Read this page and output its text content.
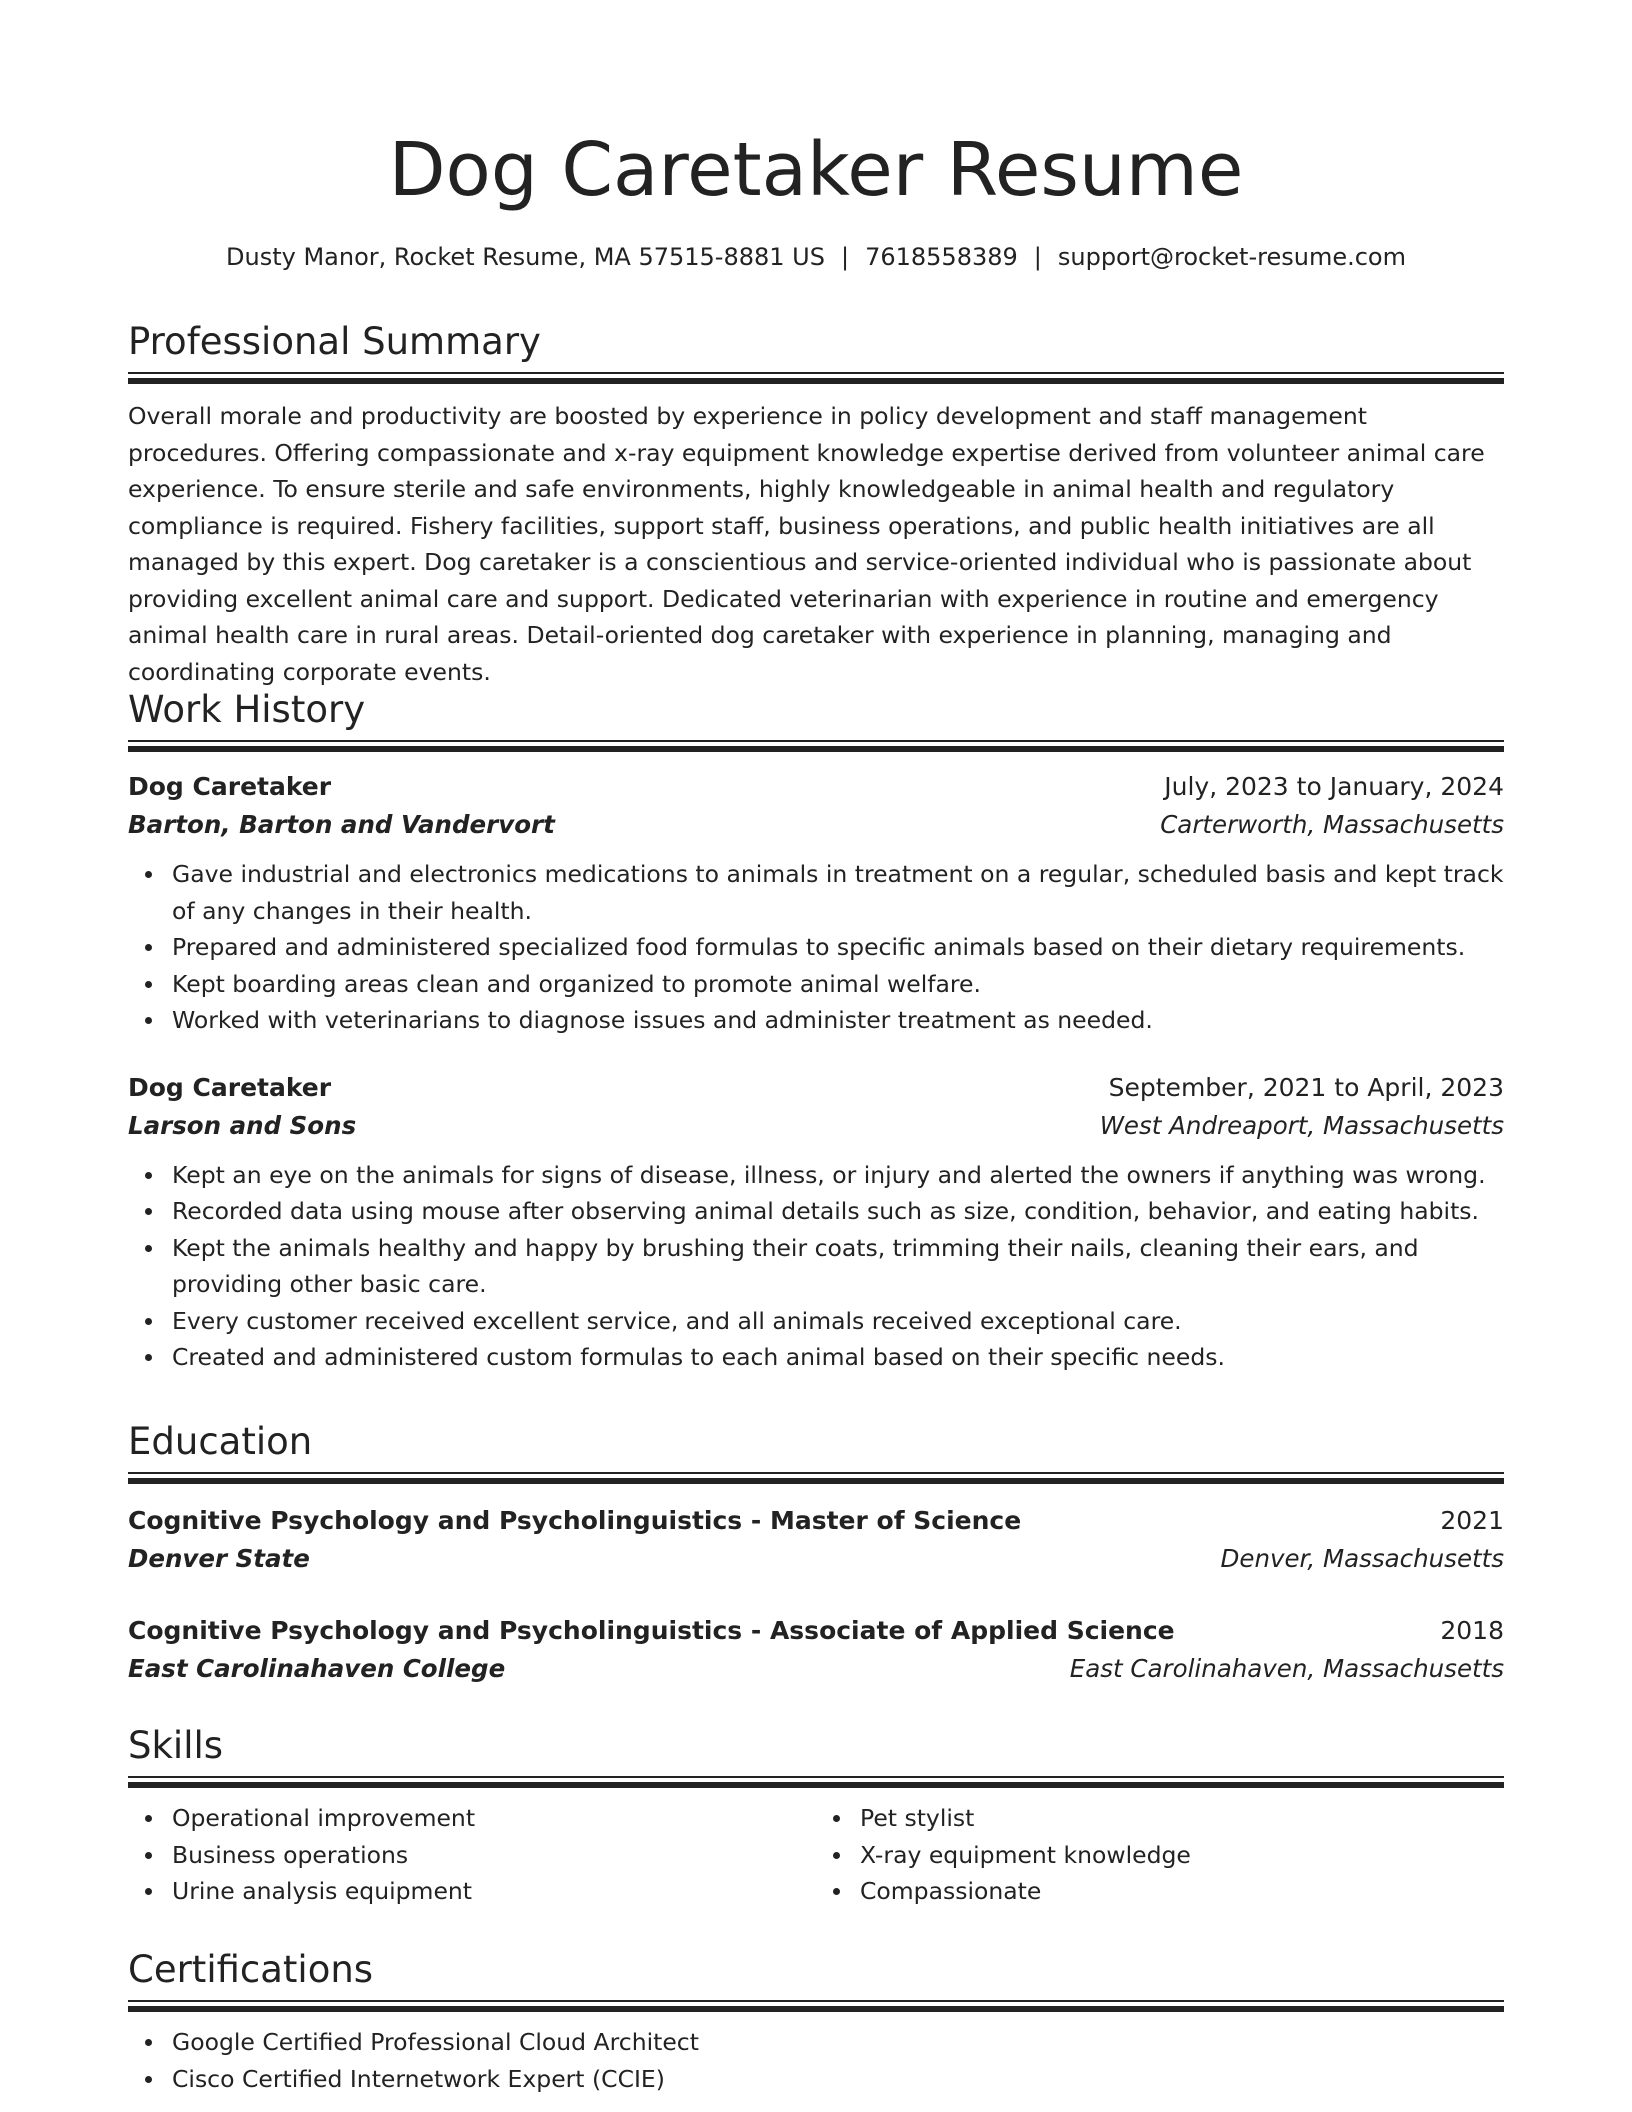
Dog Caretaker Resume
Dusty Manor, Rocket Resume, MA 57515-8881 US | 7618558389 | support@rocket-resume.com
Professional Summary
Overall morale and productivity are boosted by experience in policy development and staff management procedures. Offering compassionate and x-ray equipment knowledge expertise derived from volunteer animal care experience. To ensure sterile and safe environments, highly knowledgeable in animal health and regulatory compliance is required. Fishery facilities, support staff, business operations, and public health initiatives are all managed by this expert. Dog caretaker is a conscientious and service-oriented individual who is passionate about providing excellent animal care and support. Dedicated veterinarian with experience in routine and emergency animal health care in rural areas. Detail-oriented dog caretaker with experience in planning, managing and coordinating corporate events.
Work History
Dog Caretaker	July, 2023 to January, 2024
Barton, Barton and Vandervort	Carterworth, Massachusetts
Gave industrial and electronics medications to animals in treatment on a regular, scheduled basis and kept track of any changes in their health.
Prepared and administered specialized food formulas to specific animals based on their dietary requirements.
Kept boarding areas clean and organized to promote animal welfare.
Worked with veterinarians to diagnose issues and administer treatment as needed.
Dog Caretaker	September, 2021 to April, 2023
Larson and Sons	West Andreaport, Massachusetts
Kept an eye on the animals for signs of disease, illness, or injury and alerted the owners if anything was wrong.
Recorded data using mouse after observing animal details such as size, condition, behavior, and eating habits.
Kept the animals healthy and happy by brushing their coats, trimming their nails, cleaning their ears, and providing other basic care.
Every customer received excellent service, and all animals received exceptional care.
Created and administered custom formulas to each animal based on their specific needs.
Education
Cognitive Psychology and Psycholinguistics - Master of Science	2021
Denver State	Denver, Massachusetts
Cognitive Psychology and Psycholinguistics - Associate of Applied Science	2018
East Carolinahaven College	East Carolinahaven, Massachusetts
Skills
Operational improvement
Business operations
Urine analysis equipment
Pet stylist
X-ray equipment knowledge
Compassionate
Certifications
Google Certified Professional Cloud Architect
Cisco Certified Internetwork Expert (CCIE)
